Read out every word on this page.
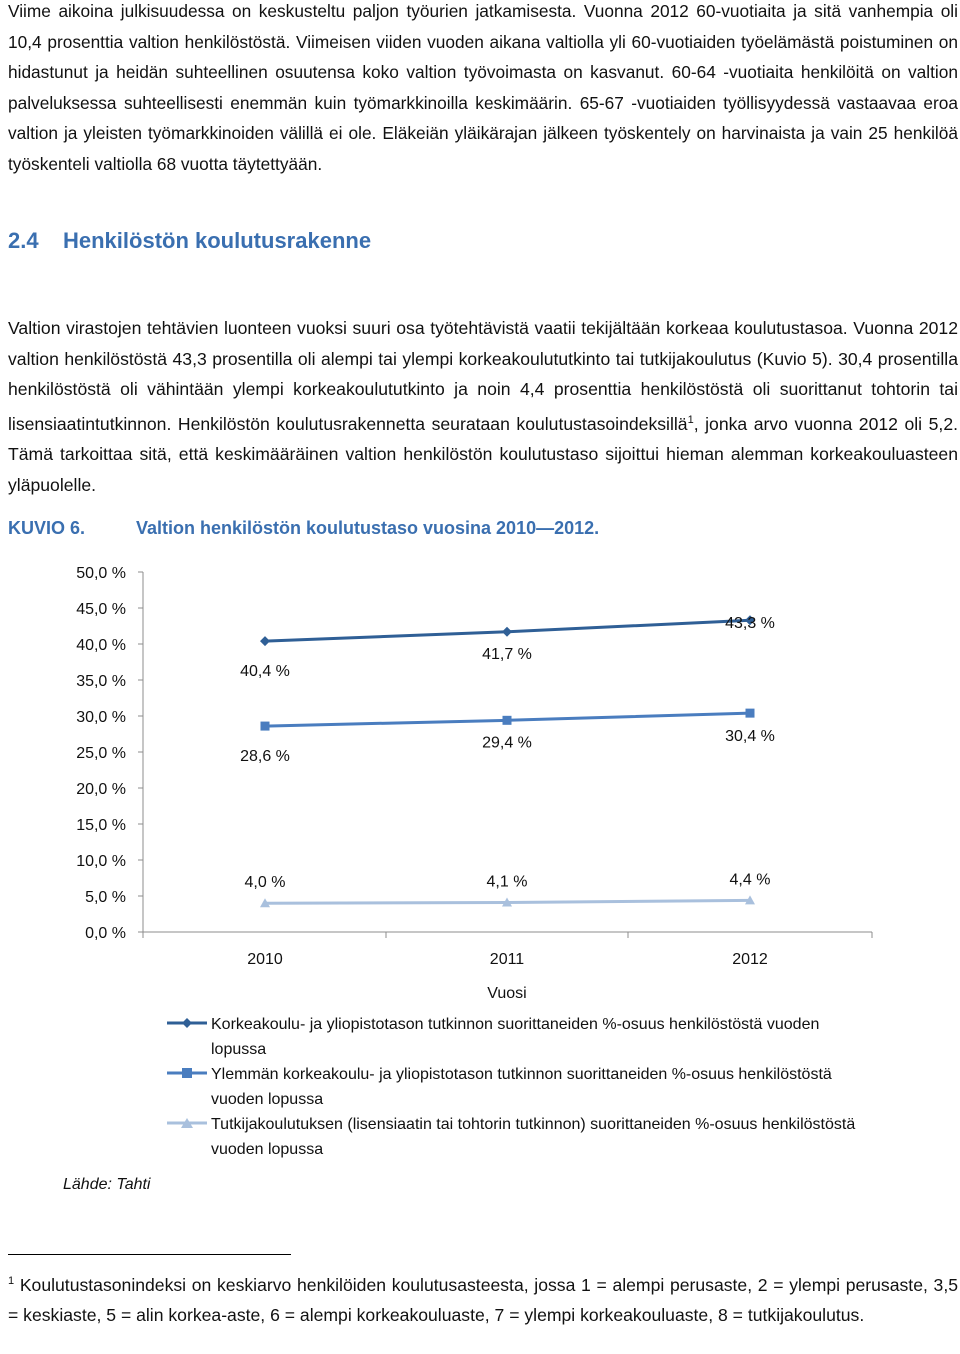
Viime aikoina julkisuudessa on keskusteltu paljon työurien jatkamisesta. Vuonna 2012 60-vuotiaita ja sitä vanhempia oli 10,4 prosenttia valtion henkilöstöstä. Viimeisen viiden vuoden aikana valtiolla yli 60-vuotiaiden työelämästä poistuminen on hidastunut ja heidän suhteellinen osuutensa koko valtion työvoimasta on kasvanut. 60-64 -vuotiaita henkilöitä on valtion palveluksessa suhteellisesti enemmän kuin työmarkkinoilla keskimäärin. 65-67 -vuotiaiden työllisyydessä vastaavaa eroa valtion ja yleisten työmarkkinoiden välillä ei ole. Eläkeiän yläikärajan jälkeen työskentely on harvinaista ja vain 25 henkilöä työskenteli valtiolla 68 vuotta täytettyään.

2.4 Henkilöstön koulutusrakenne

Valtion virastojen tehtävien luonteen vuoksi suuri osa työtehtävistä vaatii tekijältään korkeaa koulutustasoa. Vuonna 2012 valtion henkilöstöstä 43,3 prosentilla oli alempi tai ylempi korkeakoulututkinto tai tutkijakoulutus (Kuvio 5). 30,4 prosentilla henkilöstöstä oli vähintään ylempi korkeakoulututkinto ja noin 4,4 prosenttia henkilöstöstä oli suorittanut tohtorin tai lisensiaatintutkinnon. Henkilöstön koulutusrakennetta seurataan koulutustasoindeksillä$^1$, jonka arvo vuonna 2012 oli 5,2. Tämä tarkoittaa sitä, että keskimääräinen valtion henkilöstön koulutustaso sijoittui hieman alemman korkeakouluasteen yläpuolelle.

KUVIO 6.	Valtion henkilöstön koulutustaso vuosina 2010—2012.

0,0 %
5,0 %
10,0 %
15,0 %
20,0 %
25,0 %
30,0 %
35,0 %
40,0 %
45,0 %
50,0 %
2010	2011	2012
Vuosi
40,4 %
41,7 %
43,3 %
28,6 %
29,4 %	30,4 %
4,0 %	4,1 %	4,4 %
Korkeakoulu- ja yliopistotason tutkinnon suorittaneiden %-osuus henkilöstöstä vuoden lopussa
Ylemmän korkeakoulu- ja yliopistotason tutkinnon suorittaneiden %-osuus henkilöstöstä vuoden lopussa
Tutkijakoulutuksen (lisensiaatin tai tohtorin tutkinnon) suorittaneiden %-osuus henkilöstöstä vuoden lopussa

Lähde: Tahti

$^1$ Koulutustasonindeksi on keskiarvo henkilöiden koulutusasteesta, jossa 1 = alempi perusaste, 2 = ylempi perusaste, 3,5 = keskiaste, 5 = alin korkea-aste, 6 = alempi korkeakouluaste, 7 = ylempi korkeakouluaste, 8 = tutkijakoulutus.
